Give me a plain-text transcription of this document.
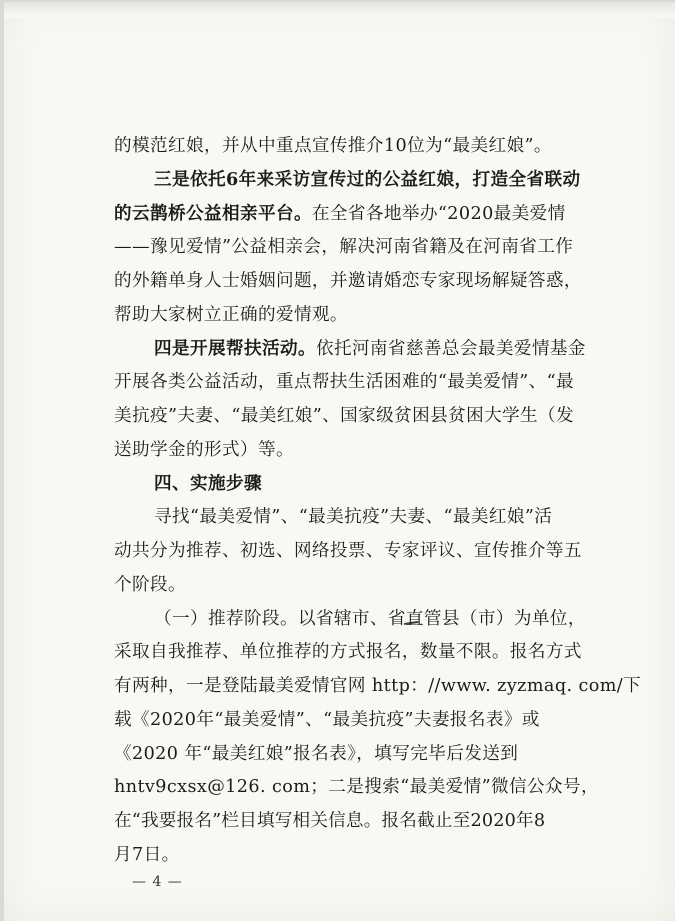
的模范红娘，并从中重点宣传推介10位为“最美红娘”。
三是依托6年来采访宣传过的公益红娘，打造全省联动
的云鹊桥公益相亲平台。在全省各地举办“2020最美爱情
——豫见爱情”公益相亲会，解决河南省籍及在河南省工作
的外籍单身人士婚姻问题，并邀请婚恋专家现场解疑答惑，
帮助大家树立正确的爱情观。
四是开展帮扶活动。依托河南省慈善总会最美爱情基金
开展各类公益活动，重点帮扶生活困难的“最美爱情”、“最
美抗疫”夫妻、“最美红娘”、国家级贫困县贫困大学生（发
送助学金的形式）等。
四、实施步骤
寻找“最美爱情”、“最美抗疫”夫妻、“最美红娘”活
动共分为推荐、初选、网络投票、专家评议、宣传推介等五
个阶段。
（一）推荐阶段。以省辖市、省直管县（市）为单位，
采取自我推荐、单位推荐的方式报名，数量不限。报名方式
有两种，一是登陆最美爱情官网 http：//www. zyzmaq. com/下
载《2020年“最美爱情”、“最美抗疫”夫妻报名表》或
《2020 年“最美红娘”报名表》，填写完毕后发送到
hntv9cxsx@126. com；二是搜索“最美爱情”微信公众号，
在“我要报名”栏目填写相关信息。报名截止至2020年8
月7日。
— 4 —
